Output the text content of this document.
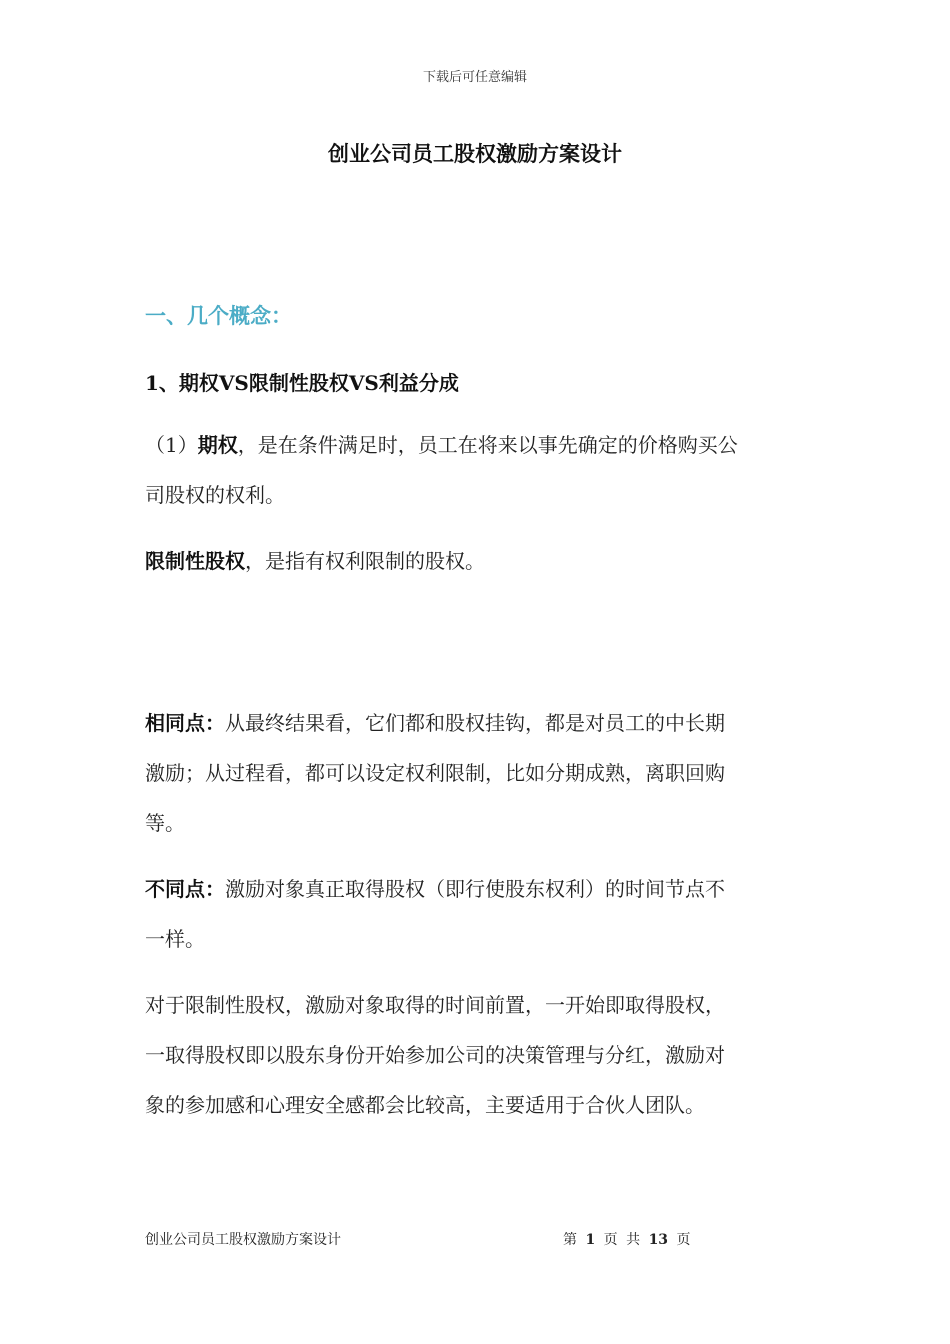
下载后可任意编辑
创业公司员工股权激励方案设计
一、几个概念：
1、期权VS限制性股权VS利益分成
（1）期权，是在条件满足时，员工在将来以事先确定的价格购买公
司股权的权利。
限制性股权，是指有权利限制的股权。
相同点：从最终结果看，它们都和股权挂钩，都是对员工的中长期
激励；从过程看，都可以设定权利限制，比如分期成熟，离职回购
等。
不同点：激励对象真正取得股权（即行使股东权利）的时间节点不
一样。
对于限制性股权，激励对象取得的时间前置，一开始即取得股权，
一取得股权即以股东身份开始参加公司的决策管理与分红，激励对
象的参加感和心理安全感都会比较高，主要适用于合伙人团队。
创业公司员工股权激励方案设计	第 1 页 共 13 页
